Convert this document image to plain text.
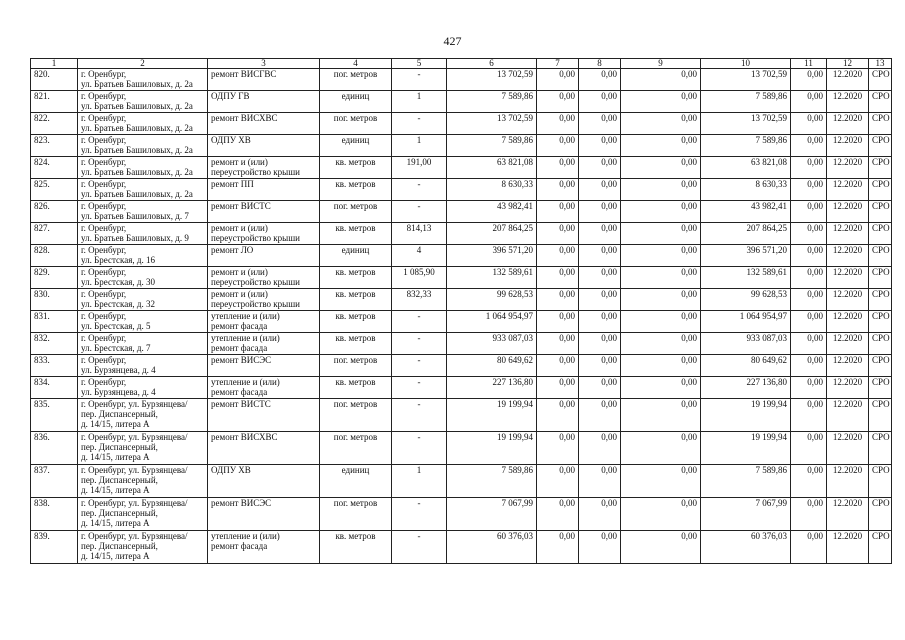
427
1	2	3	4	5	6	7	8	9	10	11	12	13
820.	г. Оренбург,
ул. Братьев Башиловых, д. 2а	ремонт ВИСГВС	пог. метров	-	13 702,59	0,00	0,00	0,00	13 702,59	0,00	12.2020	СРО
821.	г. Оренбург,
ул. Братьев Башиловых, д. 2а	ОДПУ ГВ	единиц	1	7 589,86	0,00	0,00	0,00	7 589,86	0,00	12.2020	СРО
822.	г. Оренбург,
ул. Братьев Башиловых, д. 2а	ремонт ВИСХВС	пог. метров	-	13 702,59	0,00	0,00	0,00	13 702,59	0,00	12.2020	СРО
823.	г. Оренбург,
ул. Братьев Башиловых, д. 2а	ОДПУ ХВ	единиц	1	7 589,86	0,00	0,00	0,00	7 589,86	0,00	12.2020	СРО
824.	г. Оренбург,
ул. Братьев Башиловых, д. 2а	ремонт и (или)
переустройство крыши	кв. метров	191,00	63 821,08	0,00	0,00	0,00	63 821,08	0,00	12.2020	СРО
825.	г. Оренбург,
ул. Братьев Башиловых, д. 2а	ремонт ПП	кв. метров	-	8 630,33	0,00	0,00	0,00	8 630,33	0,00	12.2020	СРО
826.	г. Оренбург,
ул. Братьев Башиловых, д. 7	ремонт ВИСТС	пог. метров	-	43 982,41	0,00	0,00	0,00	43 982,41	0,00	12.2020	СРО
827.	г. Оренбург,
ул. Братьев Башиловых, д. 9	ремонт и (или)
переустройство крыши	кв. метров	814,13	207 864,25	0,00	0,00	0,00	207 864,25	0,00	12.2020	СРО
828.	г. Оренбург,
ул. Брестская, д. 16	ремонт ЛО	единиц	4	396 571,20	0,00	0,00	0,00	396 571,20	0,00	12.2020	СРО
829.	г. Оренбург,
ул. Брестская, д. 30	ремонт и (или)
переустройство крыши	кв. метров	1 085,90	132 589,61	0,00	0,00	0,00	132 589,61	0,00	12.2020	СРО
830.	г. Оренбург,
ул. Брестская, д. 32	ремонт и (или)
переустройство крыши	кв. метров	832,33	99 628,53	0,00	0,00	0,00	99 628,53	0,00	12.2020	СРО
831.	г. Оренбург,
ул. Брестская, д. 5	утепление и (или)
ремонт фасада	кв. метров	-	1 064 954,97	0,00	0,00	0,00	1 064 954,97	0,00	12.2020	СРО
832.	г. Оренбург,
ул. Брестская, д. 7	утепление и (или)
ремонт фасада	кв. метров	-	933 087,03	0,00	0,00	0,00	933 087,03	0,00	12.2020	СРО
833.	г. Оренбург,
ул. Бурзянцева, д. 4	ремонт ВИСЭС	пог. метров	-	80 649,62	0,00	0,00	0,00	80 649,62	0,00	12.2020	СРО
834.	г. Оренбург,
ул. Бурзянцева, д. 4	утепление и (или)
ремонт фасада	кв. метров	-	227 136,80	0,00	0,00	0,00	227 136,80	0,00	12.2020	СРО
835.	г. Оренбург, ул. Бурзянцева/
пер. Диспансерный,
д. 14/15, литера А	ремонт ВИСТС	пог. метров	-	19 199,94	0,00	0,00	0,00	19 199,94	0,00	12.2020	СРО
836.	г. Оренбург, ул. Бурзянцева/
пер. Диспансерный,
д. 14/15, литера А	ремонт ВИСХВС	пог. метров	-	19 199,94	0,00	0,00	0,00	19 199,94	0,00	12.2020	СРО
837.	г. Оренбург, ул. Бурзянцева/
пер. Диспансерный,
д. 14/15, литера А	ОДПУ ХВ	единиц	1	7 589,86	0,00	0,00	0,00	7 589,86	0,00	12.2020	СРО
838.	г. Оренбург, ул. Бурзянцева/
пер. Диспансерный,
д. 14/15, литера А	ремонт ВИСЭС	пог. метров	-	7 067,99	0,00	0,00	0,00	7 067,99	0,00	12.2020	СРО
839.	г. Оренбург, ул. Бурзянцева/
пер. Диспансерный,
д. 14/15, литера А	утепление и (или)
ремонт фасада	кв. метров	-	60 376,03	0,00	0,00	0,00	60 376,03	0,00	12.2020	СРО
